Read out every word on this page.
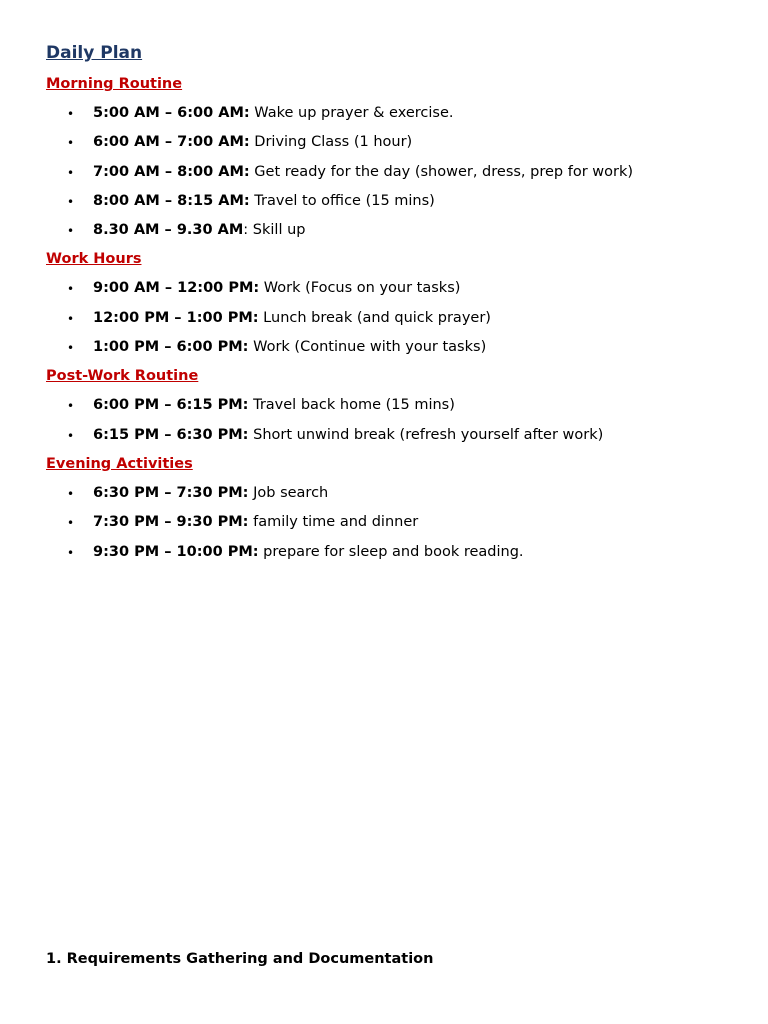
Daily Plan
Morning Routine
• 5:00 AM – 6:00 AM: Wake up prayer & exercise.
• 6:00 AM – 7:00 AM: Driving Class (1 hour)
• 7:00 AM – 8:00 AM: Get ready for the day (shower, dress, prep for work)
• 8:00 AM – 8:15 AM: Travel to office (15 mins)
• 8.30 AM – 9.30 AM: Skill up
Work Hours
• 9:00 AM – 12:00 PM: Work (Focus on your tasks)
• 12:00 PM – 1:00 PM: Lunch break (and quick prayer)
• 1:00 PM – 6:00 PM: Work (Continue with your tasks)
Post-Work Routine
• 6:00 PM – 6:15 PM: Travel back home (15 mins)
• 6:15 PM – 6:30 PM: Short unwind break (refresh yourself after work)
Evening Activities
• 6:30 PM – 7:30 PM: Job search
• 7:30 PM – 9:30 PM: family time and dinner
• 9:30 PM – 10:00 PM: prepare for sleep and book reading.
1. Requirements Gathering and Documentation
